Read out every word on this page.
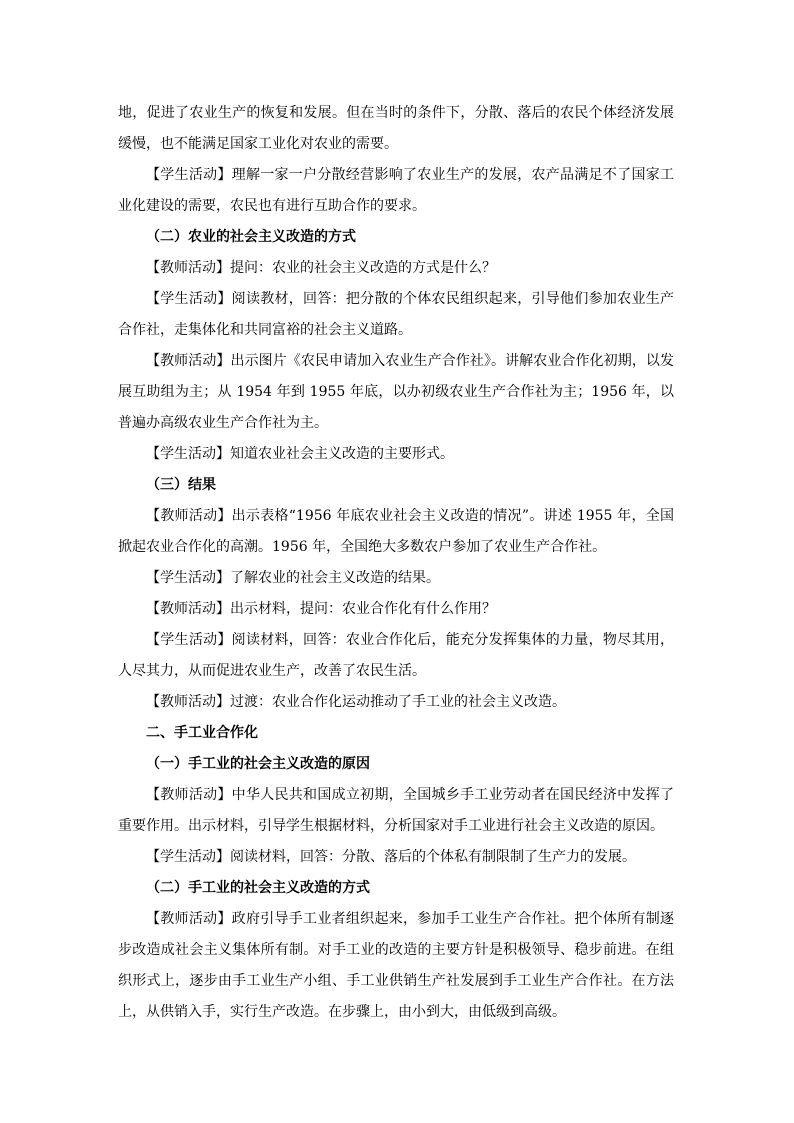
地，促进了农业生产的恢复和发展。但在当时的条件下，分散、落后的农民个体经济发展缓慢，也不能满足国家工业化对农业的需要。

【学生活动】理解一家一户分散经营影响了农业生产的发展，农产品满足不了国家工业化建设的需要，农民也有进行互助合作的要求。

（二）农业的社会主义改造的方式

【教师活动】提问：农业的社会主义改造的方式是什么？

【学生活动】阅读教材，回答：把分散的个体农民组织起来，引导他们参加农业生产合作社，走集体化和共同富裕的社会主义道路。

【教师活动】出示图片《农民申请加入农业生产合作社》。讲解农业合作化初期，以发展互助组为主；从 1954 年到 1955 年底，以办初级农业生产合作社为主；1956 年，以普遍办高级农业生产合作社为主。

【学生活动】知道农业社会主义改造的主要形式。

（三）结果

【教师活动】出示表格“1956 年底农业社会主义改造的情况”。讲述 1955 年，全国掀起农业合作化的高潮。1956 年，全国绝大多数农户参加了农业生产合作社。

【学生活动】了解农业的社会主义改造的结果。

【教师活动】出示材料，提问：农业合作化有什么作用？

【学生活动】阅读材料，回答：农业合作化后，能充分发挥集体的力量，物尽其用，人尽其力，从而促进农业生产，改善了农民生活。

【教师活动】过渡：农业合作化运动推动了手工业的社会主义改造。

二、手工业合作化

（一）手工业的社会主义改造的原因

【教师活动】中华人民共和国成立初期，全国城乡手工业劳动者在国民经济中发挥了重要作用。出示材料，引导学生根据材料，分析国家对手工业进行社会主义改造的原因。

【学生活动】阅读材料，回答：分散、落后的个体私有制限制了生产力的发展。

（二）手工业的社会主义改造的方式

【教师活动】政府引导手工业者组织起来，参加手工业生产合作社。把个体所有制逐步改造成社会主义集体所有制。对手工业的改造的主要方针是积极领导、稳步前进。在组织形式上，逐步由手工业生产小组、手工业供销生产社发展到手工业生产合作社。在方法上，从供销入手，实行生产改造。在步骤上，由小到大，由低级到高级。
